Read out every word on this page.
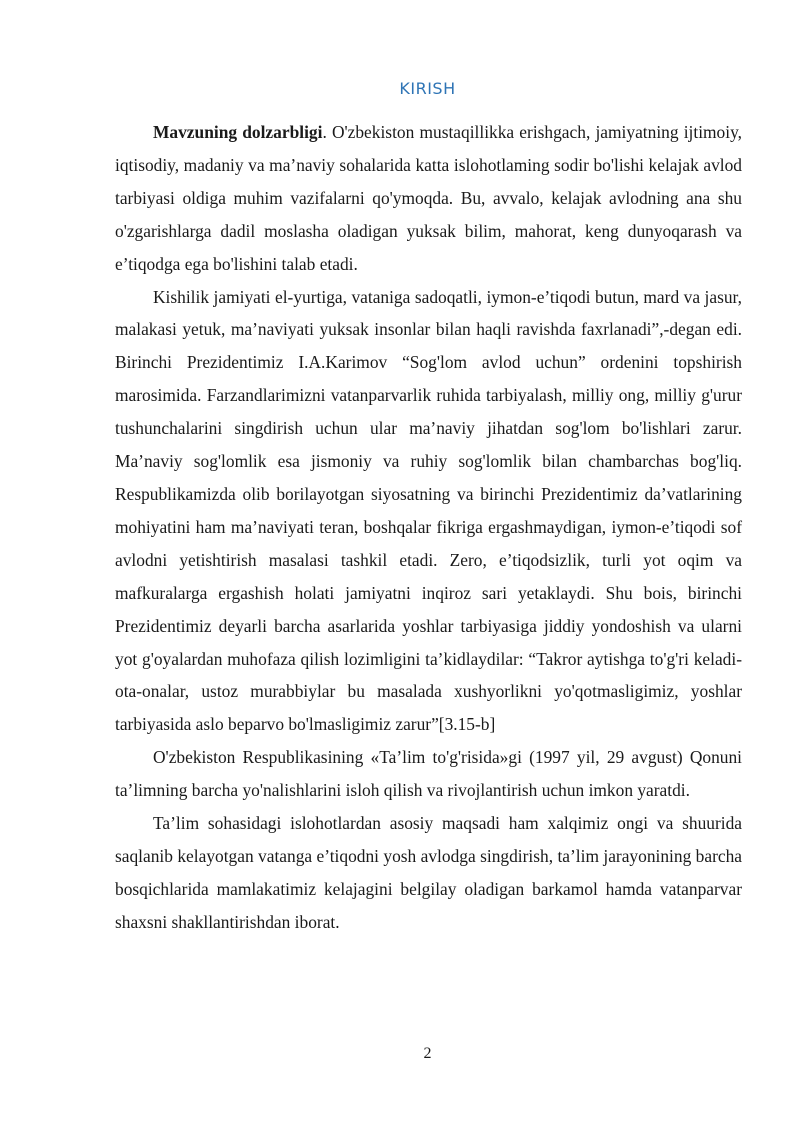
KIRISH

Mavzuning dolzarbligi. O'zbekiston mustaqillikka erishgach, jamiyatning ijtimoiy, iqtisodiy, madaniy va ma’naviy sohalarida katta islohotlaming sodir bo'lishi kelajak avlod tarbiyasi oldiga muhim vazifalarni qo'ymoqda. Bu, avvalo, kelajak avlodning ana shu o'zgarishlarga dadil moslasha oladigan yuksak bilim, mahorat, keng dunyoqarash va e’tiqodga ega bo'lishini talab etadi.

Kishilik jamiyati el-yurtiga, vataniga sadoqatli, iymon-e’tiqodi butun, mard va jasur, malakasi yetuk, ma’naviyati yuksak insonlar bilan haqli ravishda faxrlanadi”,-degan edi. Birinchi Prezidentimiz I.A.Karimov “Sog'lom avlod uchun” ordenini topshirish marosimida. Farzandlarimizni vatanparvarlik ruhida tarbiyalash, milliy ong, milliy g'urur tushunchalarini singdirish uchun ular ma’naviy jihatdan sog'lom bo'lishlari zarur. Ma’naviy sog'lomlik esa jismoniy va ruhiy sog'lomlik bilan chambarchas bog'liq. Respublikamizda olib borilayotgan siyosatning va birinchi Prezidentimiz da’vatlarining mohiyatini ham ma’naviyati teran, boshqalar fikriga ergashmaydigan, iymon-e’tiqodi sof avlodni yetishtirish masalasi tashkil etadi. Zero, e’tiqodsizlik, turli yot oqim va mafkuralarga ergashish holati jamiyatni inqiroz sari yetaklaydi. Shu bois, birinchi Prezidentimiz deyarli barcha asarlarida yoshlar tarbiyasiga jiddiy yondoshish va ularni yot g'oyalardan muhofaza qilish lozimligini ta’kidlaydilar: “Takror aytishga to'g'ri keladi-ota-onalar, ustoz murabbiylar bu masalada xushyorlikni yo'qotmasligimiz, yoshlar tarbiyasida aslo beparvo bo'lmasligimiz zarur”[3.15-b]

O'zbekiston Respublikasining «Ta’lim to'g'risida»gi (1997 yil, 29 avgust) Qonuni ta’limning barcha yo'nalishlarini isloh qilish va rivojlantirish uchun imkon yaratdi.

Ta’lim sohasidagi islohotlardan asosiy maqsadi ham xalqimiz ongi va shuurida saqlanib kelayotgan vatanga e’tiqodni yosh avlodga singdirish, ta’lim jarayonining barcha bosqichlarida mamlakatimiz kelajagini belgilay oladigan barkamol hamda vatanparvar shaxsni shakllantirishdan iborat.

2
